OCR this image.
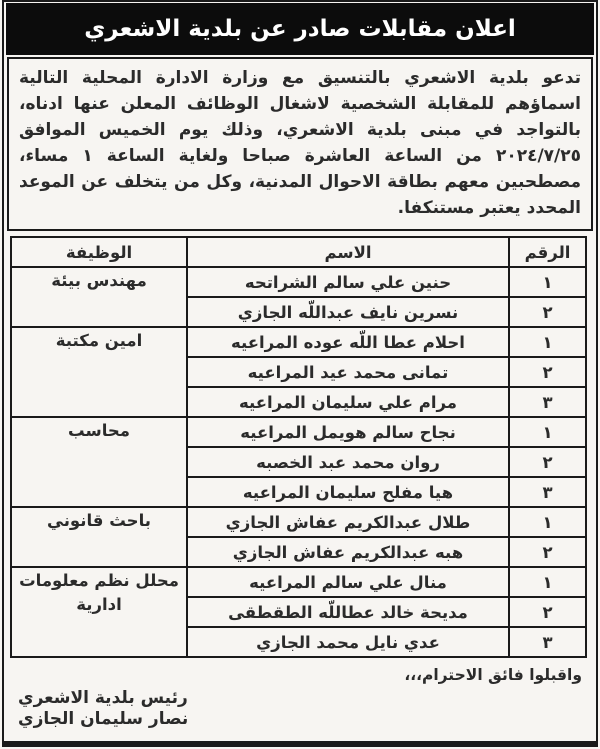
اعلان مقابلات صادر عن بلدية الاشعري
تدعو بلدية الاشعري بالتنسيق مع وزارة الادارة المحلية التالية اسماؤهم للمقابلة الشخصية لاشغال الوظائف المعلن عنها ادناه، بالتواجد في مبنى بلدية الاشعري، وذلك يوم الخميس الموافق ٢٠٢٤/٧/٢٥ من الساعة العاشرة صباحا ولغاية الساعة ١ مساء، مصطحبين معهم بطاقة الاحوال المدنية، وكل من يتخلف عن الموعد المحدد يعتبر مستنكفا.
الرقم	الاسم	الوظيفة
١	حنين علي سالم الشراتحه	مهندس بيئة
٢	نسرين نايف عبداللّه الجازي	
١	احلام عطا اللّه عوده المراعيه	امين مكتبة
٢	تمانى محمد عيد المراعيه	
٣	مرام علي سليمان المراعيه	
١	نجاح سالم هويمل المراعيه	محاسب
٢	روان محمد عبد الخصبه	
٣	هيا مفلح سليمان المراعيه	
١	طلال عبدالكريم عفاش الجازي	باحث قانوني
٢	هبه عبدالكريم عفاش الجازي	
١	منال علي سالم المراعيه	محلل نظم معلومات ادارية
٢	مديحة خالد عطاللّه الطقطقى	
٣	عدي نايل محمد الجازي	
واقبلوا فائق الاحترام،،،
رئيس بلدية الاشعري
نصار سليمان الجازي
